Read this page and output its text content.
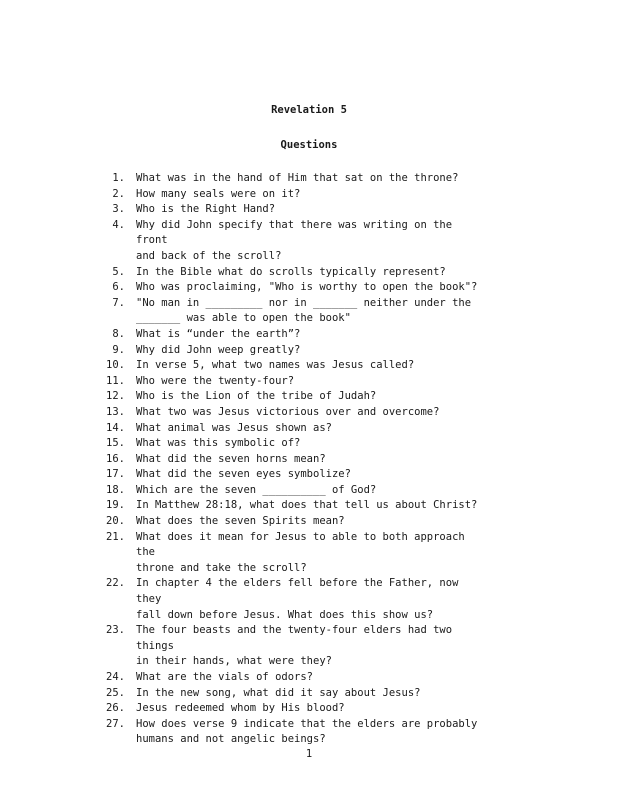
Revelation 5
Questions
1. What was in the hand of Him that sat on the throne?
2. How many seals were on it?
3. Who is the Right Hand?
4. Why did John specify that there was writing on the front
and back of the scroll?
5. In the Bible what do scrolls typically represent?
6. Who was proclaiming, "Who is worthy to open the book"?
7. "No man in _________ nor in _______ neither under the
_______ was able to open the book"
8. What is “under the earth”?
9. Why did John weep greatly?
10. In verse 5, what two names was Jesus called?
11. Who were the twenty-four?
12. Who is the Lion of the tribe of Judah?
13. What two was Jesus victorious over and overcome?
14. What animal was Jesus shown as?
15. What was this symbolic of?
16. What did the seven horns mean?
17. What did the seven eyes symbolize?
18. Which are the seven __________ of God?
19. In Matthew 28:18, what does that tell us about Christ?
20. What does the seven Spirits mean?
21. What does it mean for Jesus to able to both approach the
throne and take the scroll?
22. In chapter 4 the elders fell before the Father, now they
fall down before Jesus. What does this show us?
23. The four beasts and the twenty-four elders had two things
in their hands, what were they?
24. What are the vials of odors?
25. In the new song, what did it say about Jesus?
26. Jesus redeemed whom by His blood?
27. How does verse 9 indicate that the elders are probably
humans and not angelic beings?
1
